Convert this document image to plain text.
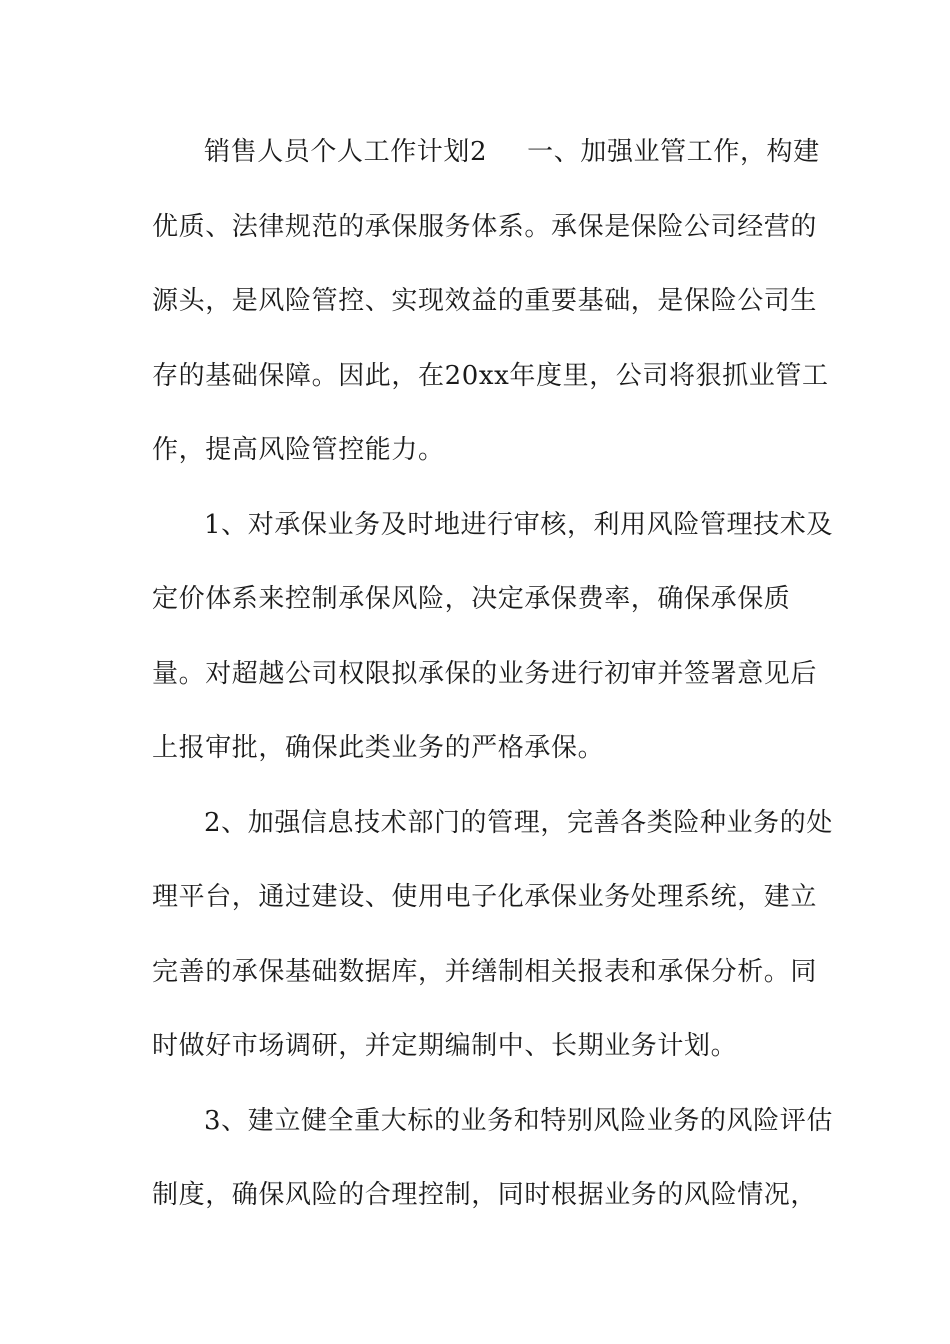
销售人员个人工作计划2 一、加强业管工作，构建
优质、法律规范的承保服务体系。承保是保险公司经营的
源头，是风险管控、实现效益的重要基础，是保险公司生
存的基础保障。因此，在20xx年度里，公司将狠抓业管工
作，提高风险管控能力。
1、对承保业务及时地进行审核，利用风险管理技术及
定价体系来控制承保风险，决定承保费率，确保承保质
量。对超越公司权限拟承保的业务进行初审并签署意见后
上报审批，确保此类业务的严格承保。
2、加强信息技术部门的管理，完善各类险种业务的处
理平台，通过建设、使用电子化承保业务处理系统，建立
完善的承保基础数据库，并缮制相关报表和承保分析。同
时做好市场调研，并定期编制中、长期业务计划。
3、建立健全重大标的业务和特别风险业务的风险评估
制度，确保风险的合理控制，同时根据业务的风险情况，
